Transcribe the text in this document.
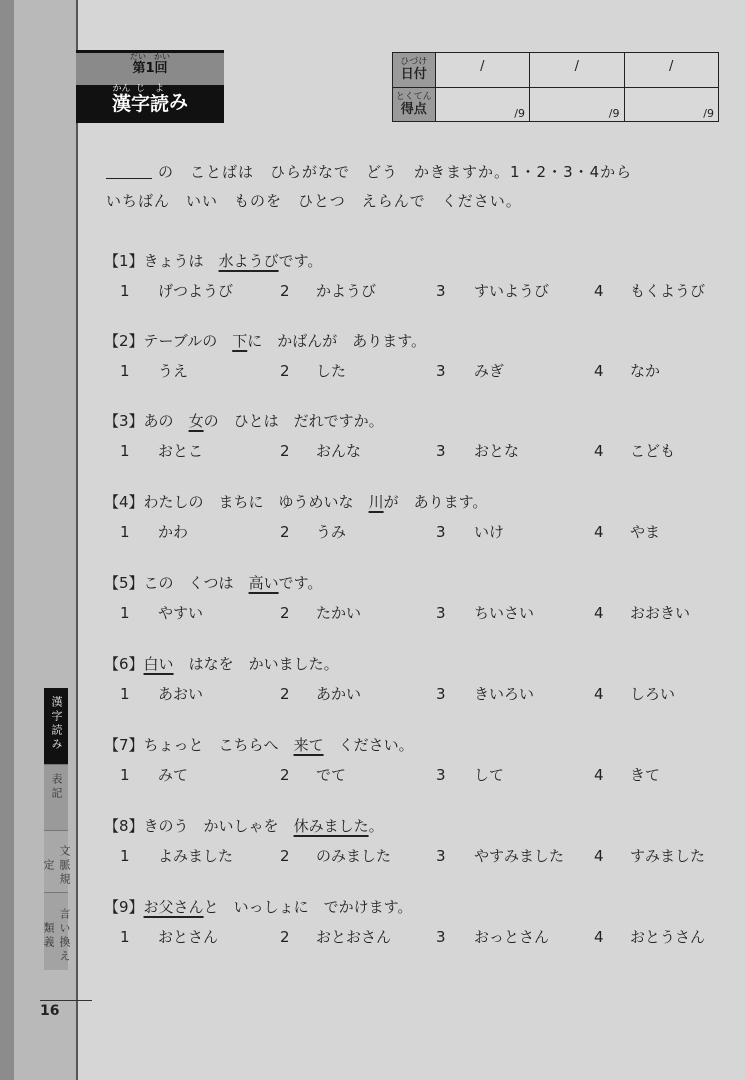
だい　かい
第1回
かん
漢
じ
字
よ
読 み
ひづけ
日付	/	/	/

とくてん
得点	/9	/9	/9
の　ことばは　ひらがなで　どう　かきますか。1・2・3・4から
いちばん　いい　ものを　ひとつ　えらんで　ください。
【1】きょうは　水ようびです。
1 げつようび	2 かようび	3 すいようび	4 もくようび
【2】テーブルの　下に　かばんが　あります。
1 うえ	2 した	3 みぎ	4 なか
【3】あの　女の　ひとは　だれですか。
1 おとこ	2 おんな	3 おとな	4 こども
【4】わたしの　まちに　ゆうめいな　川が　あります。
1 かわ	2 うみ	3 いけ	4 やま
【5】この　くつは　高いです。
1 やすい	2 たかい	3 ちいさい	4 おおきい
【6】白い　はなを　かいました。
1 あおい	2 あかい	3 きいろい	4 しろい
【7】ちょっと　こちらへ　来て　ください。
1 みて	2 でて	3 して	4 きて
【8】きのう　かいしゃを　休みました。
1 よみました	2 のみました	3 やすみました 4 すみました
【9】お父さんと　いっしょに　でかけます。
1 おとさん	2 おとおさん	3 おっとさん	4 おとうさん
漢字読み
表記
文脈規定
言い換え類義
16
